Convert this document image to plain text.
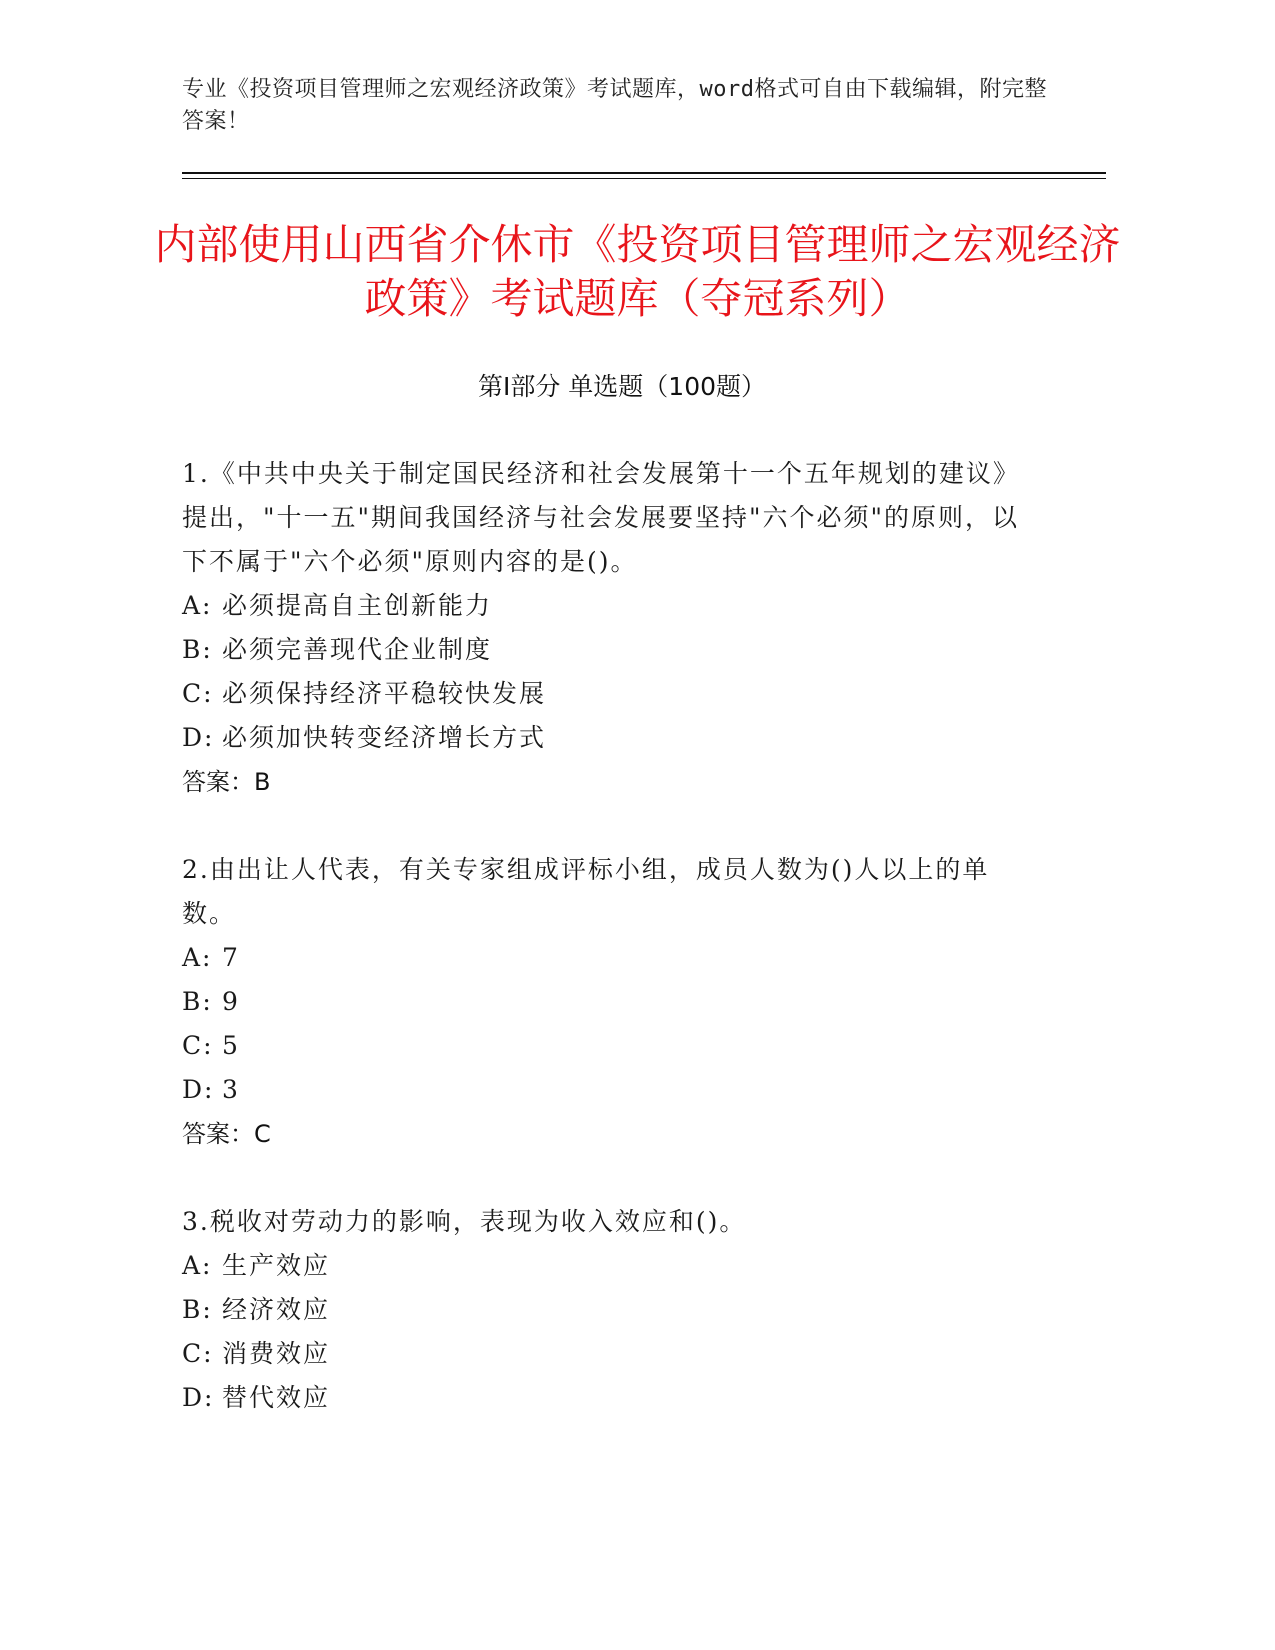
专业《投资项目管理师之宏观经济政策》考试题库，word格式可自由下载编辑，附完整答案！
内部使用山西省介休市《投资项目管理师之宏观经济政策》考试题库（夺冠系列）
第Ⅰ部分 单选题（100题）
1.《中共中央关于制定国民经济和社会发展第十一个五年规划的建议》提出，"十一五"期间我国经济与社会发展要坚持"六个必须"的原则，以下不属于"六个必须"原则内容的是()。
A: 必须提高自主创新能力
B: 必须完善现代企业制度
C: 必须保持经济平稳较快发展
D: 必须加快转变经济增长方式
答案：B
2.由出让人代表，有关专家组成评标小组，成员人数为()人以上的单数。
A: 7
B: 9
C: 5
D: 3
答案：C
3.税收对劳动力的影响，表现为收入效应和()。
A: 生产效应
B: 经济效应
C: 消费效应
D: 替代效应
